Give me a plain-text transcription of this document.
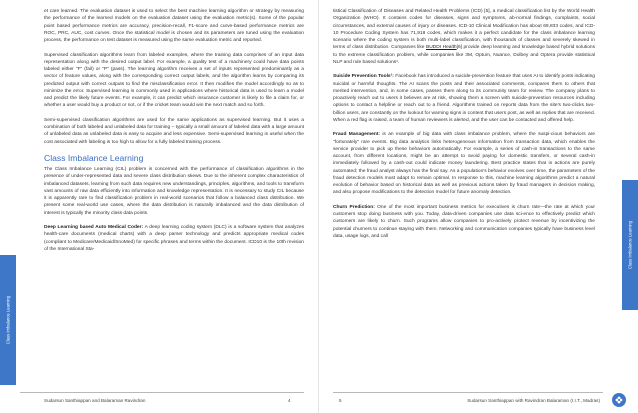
et care learned. The evaluation dataset is used to select the best machine learning algorithm or strategy by measuring the performance of the learned models on the evaluation dataset using the evaluation metric(s). Some of the popular point based performance metrics are accuracy, precision-recall, F1-score and curve-based performance metrics are ROC, PRC, AUC, cost curves. Once the statistical model is chosen and its parameters are tuned using the evaluation process, the performance on test dataset is measured using the same evaluation metric and reported.

Supervised classification algorithms learn from labeled examples, where the training data comprises of an input data representation along with the desired output label. For example, a quality test of a machinery could have data points labeled either "F" (fail) or "P" (pass). The learning algorithm receives a set of inputs represented predominantly as a vector of feature values, along with the corresponding correct output labels, and the algorithm learns by comparing its predicted output with correct outputs to find the misclassification error. It then modifies the model accordingly so as to minimize the error. Supervised learning is commonly used in applications where historical data is used to learn a model and predict the likely future events. For example, it can predict which insurance customer is likely to file a claim for, or whether a user would buy a product or not, or if the cricket team would win the next match and so forth.

Semi-supervised classification algorithms are used for the same applications as supervised learning. But it uses a combination of both labeled and unlabeled data for training – typically a small amount of labeled data with a large amount of unlabeled data as unlabeled data is easy to acquire and less expensive. Semi-supervised learning is useful when the cost associated with labeling is too high to allow for a fully labeled training process.

Class Imbalance Learning

The Class Imbalance Learning (CIL) problem is concerned with the performance of classification algorithms in the presence of under-represented data and severe class distribution skews. Due to the inherent complex characteristics of imbalanced datasets, learning from such data requires new understandings, principles, algorithms, and tools to transform vast amounts of raw data efficiently into information and knowledge representation. It is necessary to study CIL because it is apparently rare to find classification problem in real-world scenarios that follow a balanced class distribution. We present some real-world use cases, where the data distribution is naturally imbalanced and the data distribution of interest is typically the minority class data points.

Deep Learning based Auto Medical Coder: A deep learning coding system (DLC) is a software system that analyzes health-care documents (medical charts) with a deep parser technology and predicts appropriate medical codes (compliant to Medicare/Medicaid/SnoMed) for specific phrases and terms within the document. ICD10 is the 10th revision of the International Sta-

Class Imbalance Learning
Sudarsun Santhiappan and Balaraman Ravindran	4

tistical Classification of Diseases and Related Health Problems (ICD) [5], a medical classification list by the World Health Organization (WHO). It contains codes for diseases, signs and symptoms, ab-normal findings, complaints, social circumstances, and external causes of injury or diseases. ICD-10 Clinical Modification has about 69,833 codes, and ICD-10 Procedure Coding System has 71,918 codes, which makes it a perfect candidate for the class imbalance learning scenario where the coding system is both multi-label classification, with thousands of classes and severely skewed in terms of class distribution. Companies like BUDDI Health[6] provide deep learning and knowledge based hybrid solutions to the extreme classification problem, while companies like 3M, Optum, Nuance, Dolbey and Optera provide statistical NLP and rule based solutions¹.

Suicide Prevention Tools¹: Facebook has introduced a suicide-prevention feature that uses AI to identify posts indicating suicidal or harmful thoughts. The AI scans the posts and their associated comments, compares them to others that merited intervention, and, in some cases, passes them along to its community team for review. The company plans to proactively reach out to users it believes are at risk, showing them a screen with suicide-prevention resources including options to contact a helpline or reach out to a friend. Algorithms trained on reports data from the site's two-clicks two-billion users, are constantly on the lookout for warning signs in content that users post, as well as replies that are received. When a red flag is raised, a team of human reviewers is alerted, and the user can be contacted and offered help.

Fraud Management: is an example of big data with class imbalance problem, where the suspi-cious behaviors are "fortunately" rare events. Big data analytics links heterogeneous information from transaction data, which enables the service provider to pick up these behaviors automatically. For example, a series of cash-in transactions to the same account, from different locations, might be an attempt to avoid paying for domestic transfers, or several cash-in immediately followed by a cash-out could indicate money laundering. Best practice states that in actions are purely automated; the fraud analyst always has the final say. As a population's behavior evolves over time, the parameters of the fraud detection models must adapt to remain optimal. In response to this, machine learning algorithms predict a natural evolution of behavior based on historical data as well as previous actions taken by fraud managers in decision making, and also propose modifications to the detection model for future anomaly detection.

Churn Prediction: One of the most important business metrics for executives is churn rate—the rate at which your customers stop doing business with you. Today, data-driven companies use data sci-ence to effectively predict which customers are likely to churn. Such programs allow companies to pro-actively protect revenue by incentivizing the potential churners to continue staying with them. Networking and communication companies typically have business level data, usage logs, and call	Class Imbalance Learning
5	Sudarsun Santhiappan with Ravindran Balaraman (I.I.T., Madras)
